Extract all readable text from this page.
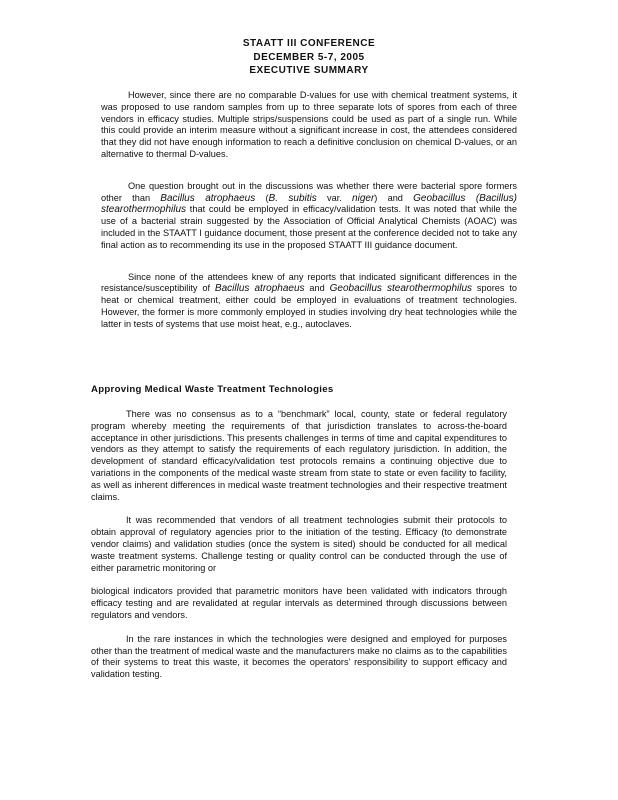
STAATT III CONFERENCE
DECEMBER 5-7, 2005
EXECUTIVE SUMMARY

However, since there are no comparable D-values for use with chemical treatment systems, it was proposed to use random samples from up to three separate lots of spores from each of three vendors in efficacy studies. Multiple strips/suspensions could be used as part of a single run. While this could provide an interim measure without a significant increase in cost, the attendees considered that they did not have enough information to reach a definitive conclusion on chemical D-values, or an alternative to thermal D-values.

One question brought out in the discussions was whether there were bacterial spore formers other than Bacillus atrophaeus (B. subitis var. niger) and Geobacillus (Bacillus) stearothermophilus that could be employed in efficacy/validation tests. It was noted that while the use of a bacterial strain suggested by the Association of Official Analytical Chemists (AOAC) was included in the STAATT I guidance document, those present at the conference decided not to take any final action as to recommending its use in the proposed STAATT III guidance document.

Since none of the attendees knew of any reports that indicated significant differences in the resistance/susceptibility of Bacillus atrophaeus and Geobacillus stearothermophilus spores to heat or chemical treatment, either could be employed in evaluations of treatment technologies. However, the former is more commonly employed in studies involving dry heat technologies while the latter in tests of systems that use moist heat, e.g., autoclaves.

Approving Medical Waste Treatment Technologies

There was no consensus as to a “benchmark” local, county, state or federal regulatory program whereby meeting the requirements of that jurisdiction translates to across-the-board acceptance in other jurisdictions. This presents challenges in terms of time and capital expenditures to vendors as they attempt to satisfy the requirements of each regulatory jurisdiction. In addition, the development of standard efficacy/validation test protocols remains a continuing objective due to variations in the components of the medical waste stream from state to state or even facility to facility, as well as inherent differences in medical waste treatment technologies and their respective treatment claims.

It was recommended that vendors of all treatment technologies submit their protocols to obtain approval of regulatory agencies prior to the initiation of the testing. Efficacy (to demonstrate vendor claims) and validation studies (once the system is sited) should be conducted for all medical waste treatment systems. Challenge testing or quality control can be conducted through the use of either parametric monitoring or

biological indicators provided that parametric monitors have been validated with indicators through efficacy testing and are revalidated at regular intervals as determined through discussions between regulators and vendors.

In the rare instances in which the technologies were designed and employed for purposes other than the treatment of medical waste and the manufacturers make no claims as to the capabilities of their systems to treat this waste, it becomes the operators’ responsibility to support efficacy and validation testing.
